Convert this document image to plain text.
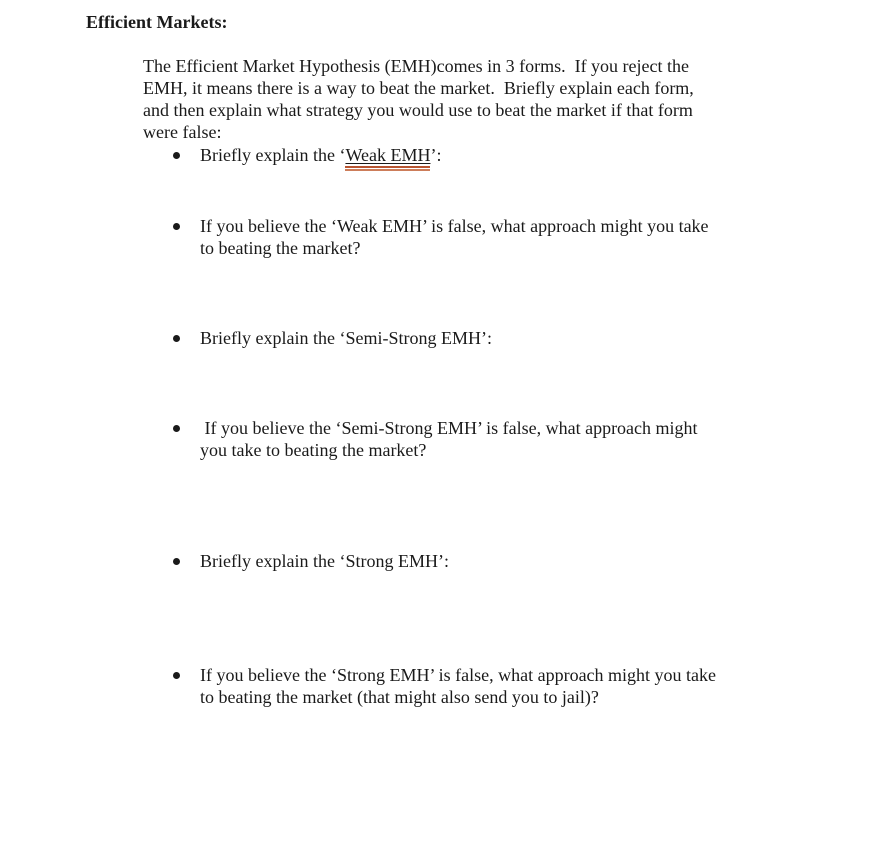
Efficient Markets:
The Efficient Market Hypothesis (EMH)comes in 3 forms.  If you reject the
EMH, it means there is a way to beat the market.  Briefly explain each form,
and then explain what strategy you would use to beat the market if that form
were false:
Briefly explain the ‘Weak EMH’:
If you believe the ‘Weak EMH’ is false, what approach might you take
to beating the market?
Briefly explain the ‘Semi-Strong EMH’:
If you believe the ‘Semi-Strong EMH’ is false, what approach might
you take to beating the market?
Briefly explain the ‘Strong EMH’:
If you believe the ‘Strong EMH’ is false, what approach might you take
to beating the market (that might also send you to jail)?
